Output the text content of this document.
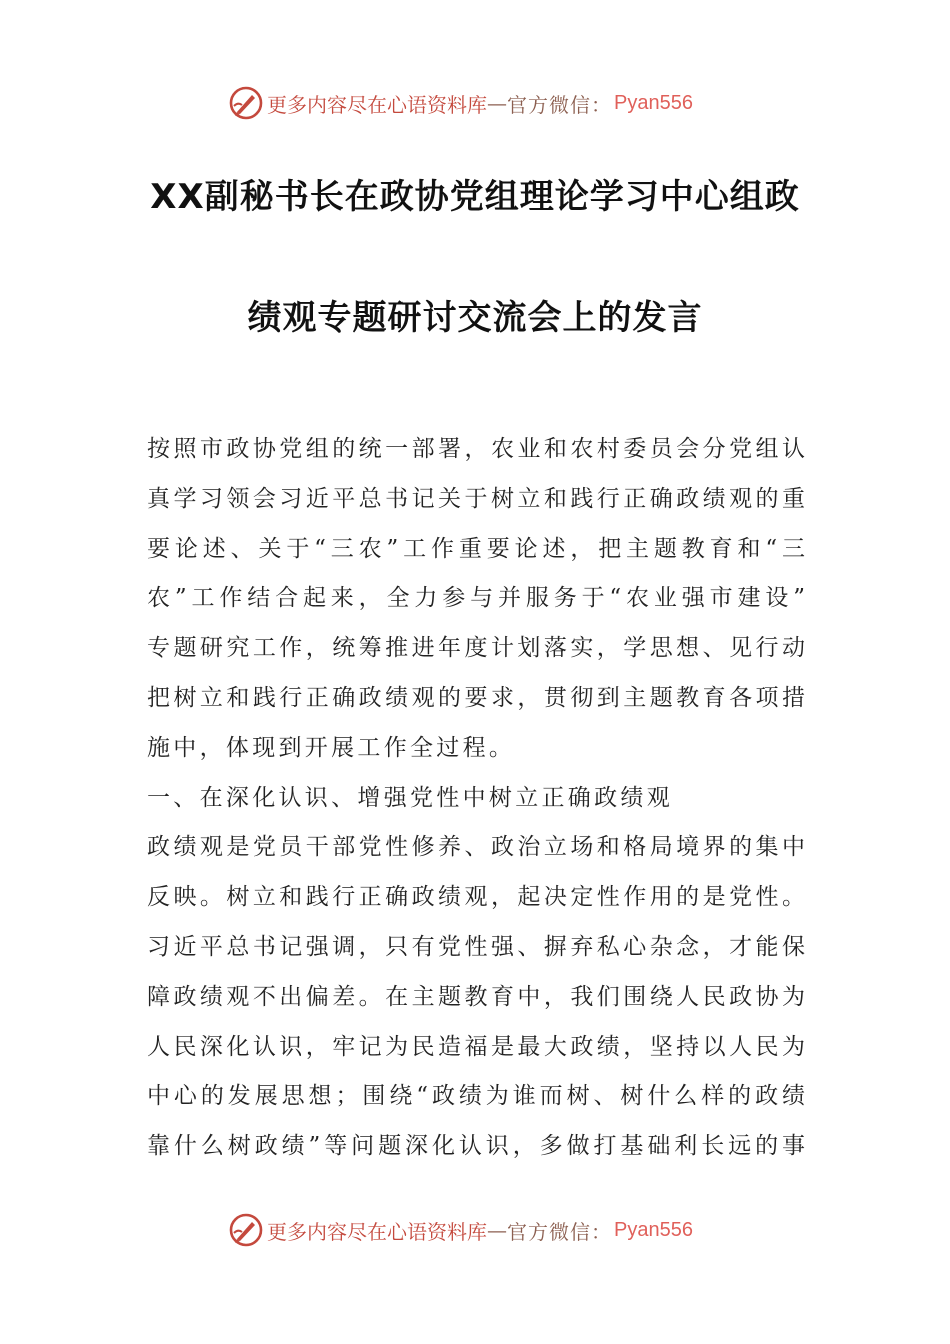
更多内容尽在心语资料库 — 官方微信： Pyan556
XX副秘书长在政协党组理论学习中心组政
绩观专题研讨交流会上的发言
按照市政协党组的统一部署，农业和农村委员会分党组认
真学习领会习近平总书记关于树立和践行正确政绩观的重
要论述、关于“三农”工作重要论述，把主题教育和“三
农”工作结合起来，全力参与并服务于“农业强市建设”
专题研究工作，统筹推进年度计划落实，学思想、见行动
把树立和践行正确政绩观的要求，贯彻到主题教育各项措
施中，体现到开展工作全过程。
一、在深化认识、增强党性中树立正确政绩观
政绩观是党员干部党性修养、政治立场和格局境界的集中
反映。树立和践行正确政绩观，起决定性作用的是党性。
习近平总书记强调，只有党性强、摒弃私心杂念，才能保
障政绩观不出偏差。在主题教育中，我们围绕人民政协为
人民深化认识，牢记为民造福是最大政绩，坚持以人民为
中心的发展思想；围绕“政绩为谁而树、树什么样的政绩
靠什么树政绩”等问题深化认识，多做打基础利长远的事
更多内容尽在心语资料库 — 官方微信： Pyan556
